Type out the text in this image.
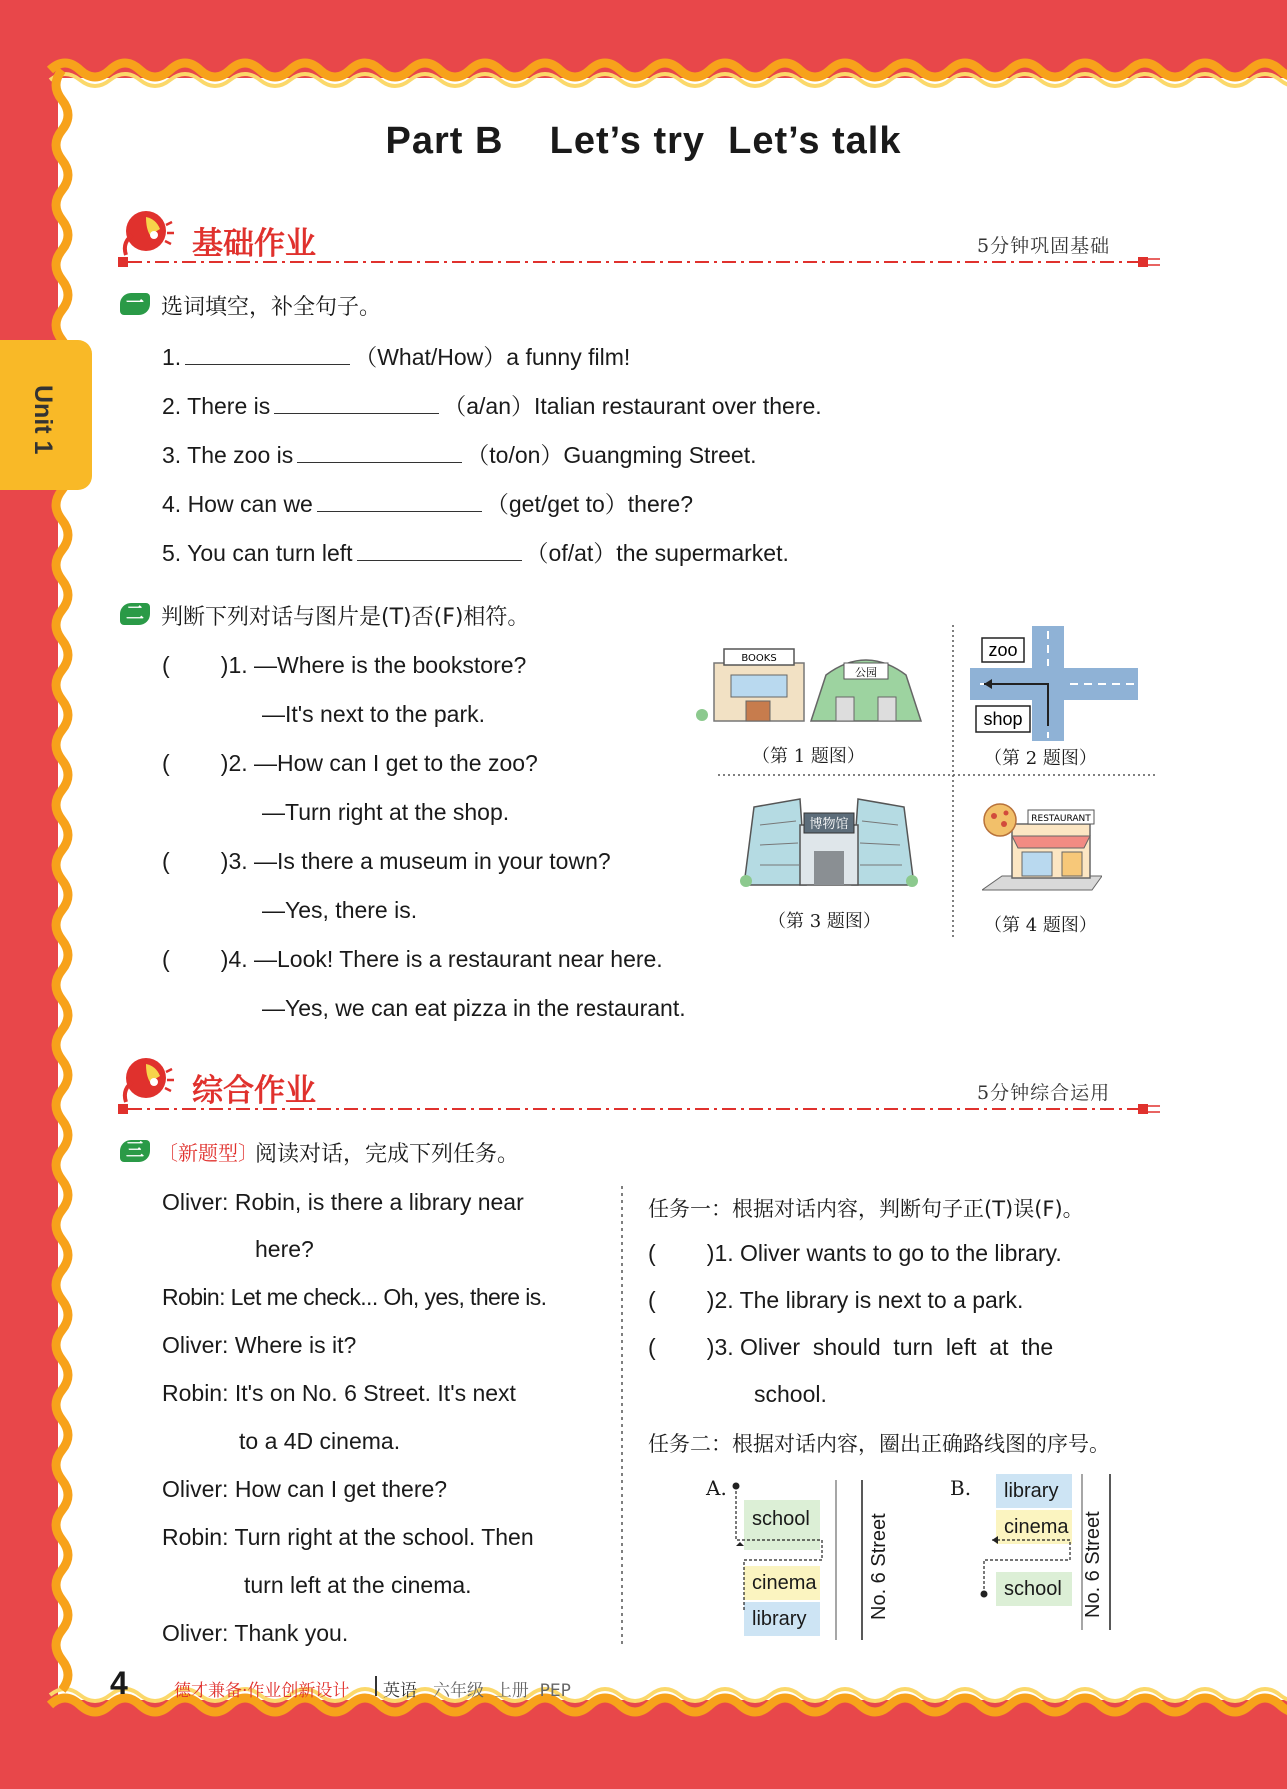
Unit 1
Part B    Let’s try  Let’s talk
基础作业	5分钟巩固基础
一 选词填空，补全句子。
1.	（What/How）a funny film!
2. There is	（a/an）Italian restaurant over there.
3. The zoo is	（to/on）Guangming Street.
4. How can we	（get/get to）there?
5. You can turn left	（of/at）the supermarket.
二 判断下列对话与图片是(T)否(F)相符。
(        )1. —Where is the bookstore?
—It's next to the park.
(        )2. —How can I get to the zoo?
—Turn right at the shop.
(        )3. —Is there a museum in your town?
—Yes, there is.
(        )4. —Look! There is a restaurant near here.
—Yes, we can eat pizza in the restaurant.
BOOKS
公园
（第 1 题图）
zoo
shop
（第 2 题图）
博物馆
（第 3 题图）
RESTAURANT
（第 4 题图）
综合作业	5分钟综合运用
三 〔新题型〕
阅读对话，完成下列任务。
Oliver: Robin, is there a library near
here?
Robin: Let me check... Oh, yes, there is.
Oliver: Where is it?
Robin: It's on No. 6 Street. It's next
to a 4D cinema.
Oliver: How can I get there?
Robin: Turn right at the school. Then
turn left at the cinema.
Oliver: Thank you.
任务一：根据对话内容，判断句子正(T)误(F)。
(        )1. Oliver wants to go to the library.
(        )2. The library is next to a park.
(        )3. Oliver  should  turn  left  at  the
school.
任务二：根据对话内容，圈出正确路线图的序号。
A.
school
cinema
library	No. 6 Street
B. library
cinema
school No. 6 Street
4	德才兼备·作业创新设计 英语 六年级  上册  PEP
